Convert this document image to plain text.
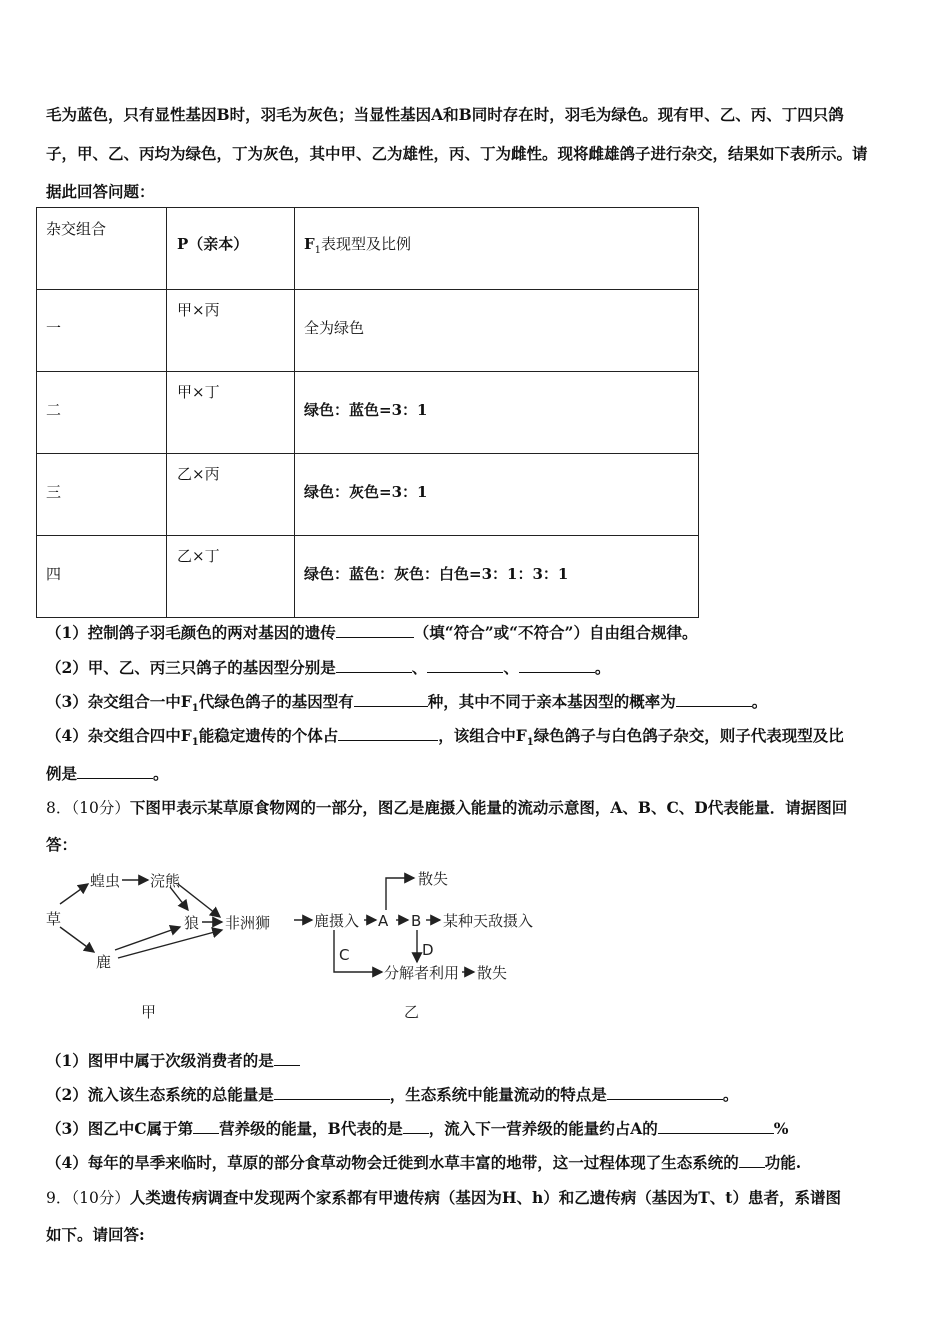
毛为蓝色，只有显性基因B时，羽毛为灰色；当显性基因A和B同时存在时，羽毛为绿色。现有甲、乙、丙、丁四只鸽
子，甲、乙、丙均为绿色，丁为灰色，其中甲、乙为雄性，丙、丁为雌性。现将雌雄鸽子进行杂交，结果如下表所示。请
据此回答问题：
杂交组合	P（亲本）	$F_1$表现型及比例

一	甲×丙	全为绿色

二	甲×丁	绿色：蓝色=3：1

三	乙×丙	绿色：灰色=3：1

四	乙×丁	绿色：蓝色：灰色：白色=3：1：3：1
（1）控制鸽子羽毛颜色的两对基因的遗传	（填“符合”或“不符合”）自由组合规律。
（2）甲、乙、丙三只鸽子的基因型分别是	、	、	。
（3）杂交组合一中$F_1$代绿色鸽子的基因型有	种，其中不同于亲本基因型的概率为	。
（4）杂交组合四中$F_1$能稳定遗传的个体占	，该组合中$F_1$绿色鸽子与白色鸽子杂交，则子代表现型及比
例是	。
8．（10分）下图甲表示某草原食物网的一部分，图乙是鹿摄入能量的流动示意图，A、B、C、D代表能量．请据图回
答：
草
蝗虫 浣熊
狼 非洲狮
鹿
甲
鹿摄入 A B 某种天敌摄入
散失
D
C
分解者利用 散失
乙
（1）图甲中属于次级消费者的是
（2）流入该生态系统的总能量是	，生态系统中能量流动的特点是	。
（3）图乙中C属于第 营养级的能量，B代表的是 ，流入下一营养级的能量约占A的	%
（4）每年的旱季来临时，草原的部分食草动物会迁徙到水草丰富的地带，这一过程体现了生态系统的 功能.
9．（10分）人类遗传病调查中发现两个家系都有甲遗传病（基因为H、h）和乙遗传病（基因为T、t）患者，系谱图
如下。请回答:
